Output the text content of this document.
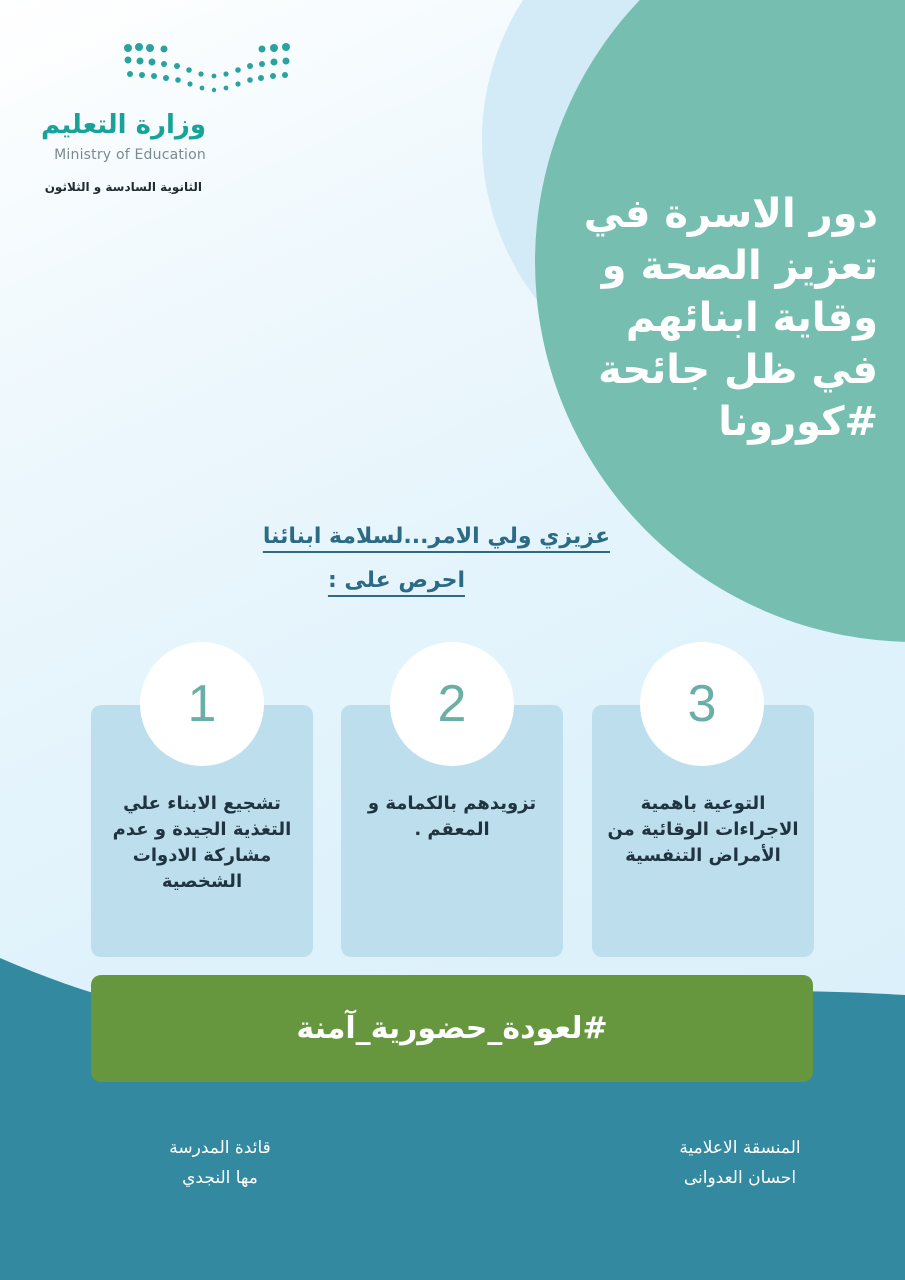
وزارة التعليم
Ministry of Education
الثانوية السادسة و الثلاثون
دور الاسرة في
تعزيز الصحة و
وقاية ابنائهم
في ظل جائحة
#كورونا
عزيزي ولي الامر...لسلامة ابنائنا
احرص على :
تشجيع الابناء علي التغذية الجيدة و عدم مشاركة الادوات الشخصية
1
تزويدهم بالكمامة و المعقم .
2
التوعية باهمية الاجراءات الوقائية من الأمراض التنفسية
3
#لعودة_حضورية_آمنة
قائدة المدرسة
مها النجدي
المنسقة الاعلامية
احسان العدوانى
